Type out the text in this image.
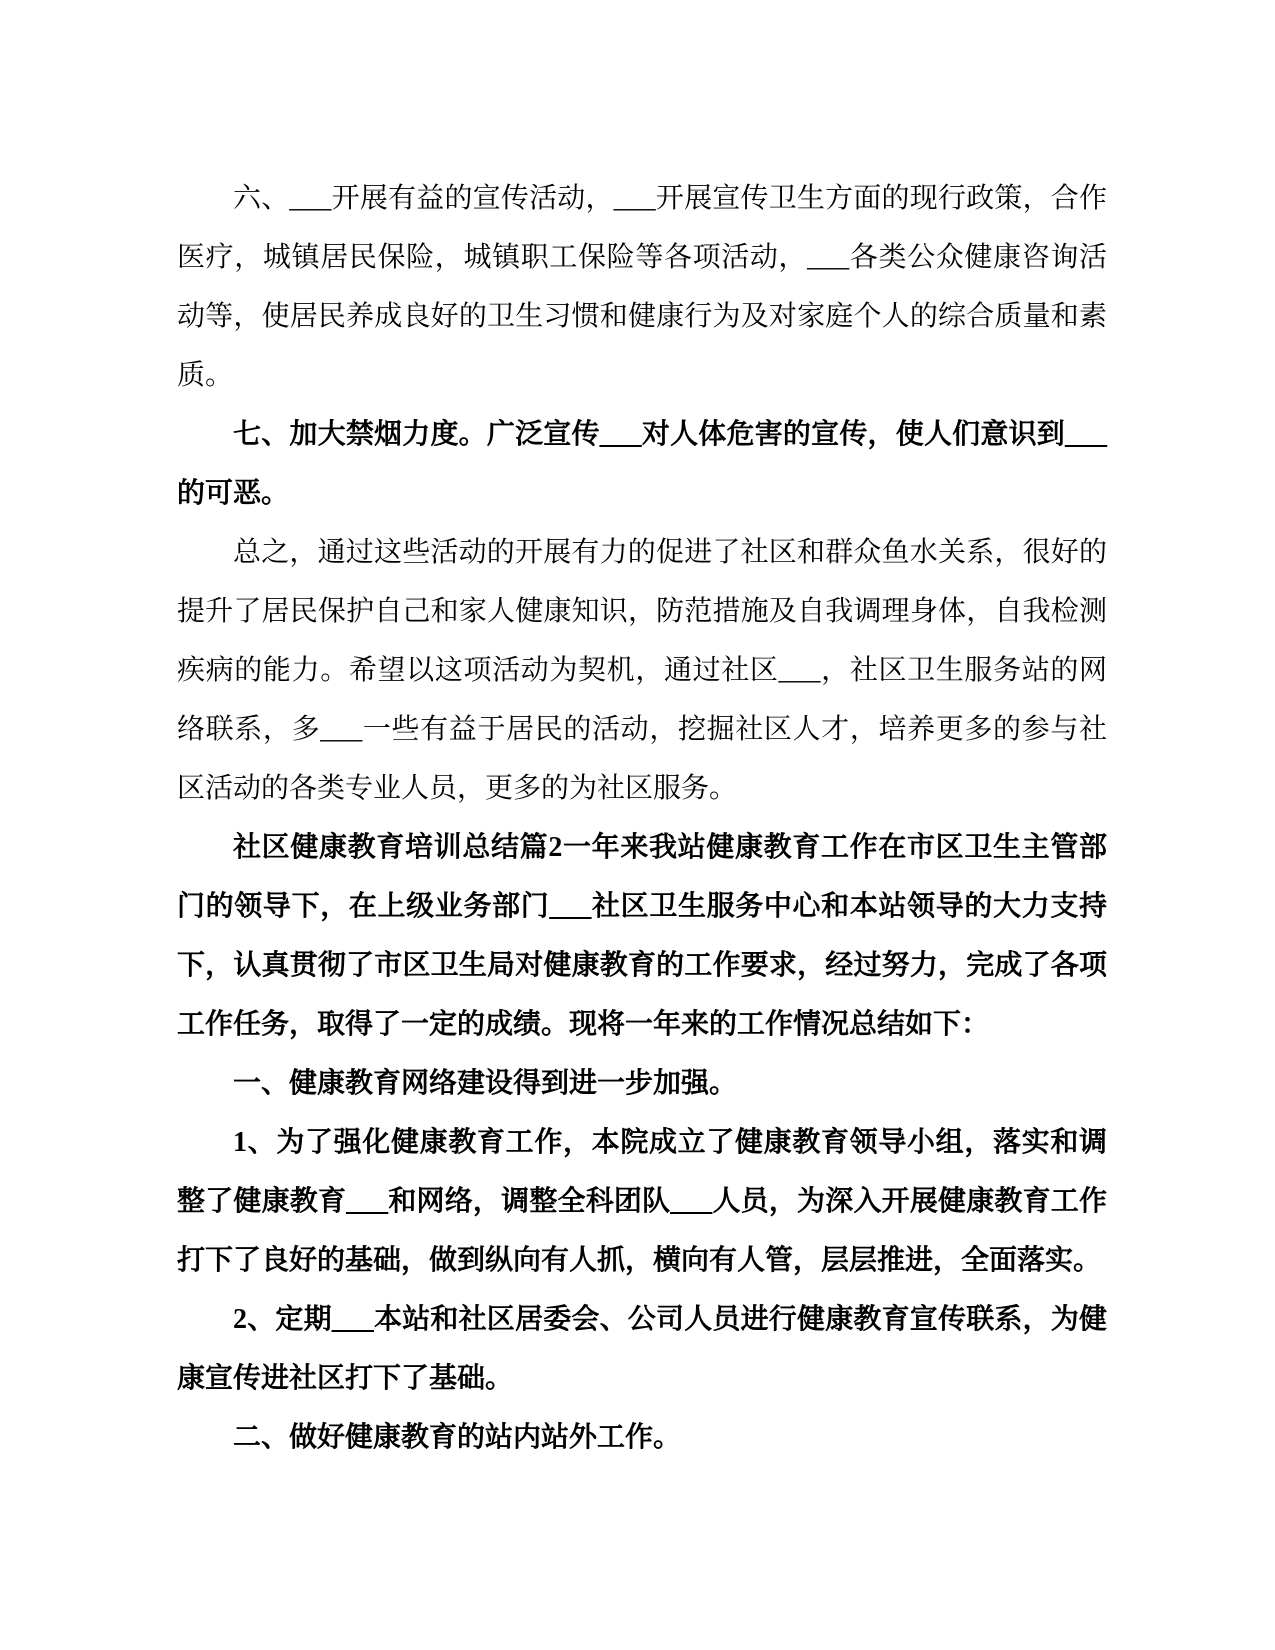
六、___开展有益的宣传活动，___开展宣传卫生方面的现行政策，合作医疗，城镇居民保险，城镇职工保险等各项活动，___各类公众健康咨询活动等，使居民养成良好的卫生习惯和健康行为及对家庭个人的综合质量和素质。

七、加大禁烟力度。广泛宣传___对人体危害的宣传，使人们意识到___的可恶。

总之，通过这些活动的开展有力的促进了社区和群众鱼水关系，很好的提升了居民保护自己和家人健康知识，防范措施及自我调理身体，自我检测疾病的能力。希望以这项活动为契机，通过社区___，社区卫生服务站的网络联系，多___一些有益于居民的活动，挖掘社区人才，培养更多的参与社区活动的各类专业人员，更多的为社区服务。

社区健康教育培训总结篇2一年来我站健康教育工作在市区卫生主管部门的领导下，在上级业务部门___社区卫生服务中心和本站领导的大力支持下，认真贯彻了市区卫生局对健康教育的工作要求，经过努力，完成了各项工作任务，取得了一定的成绩。现将一年来的工作情况总结如下：

一、健康教育网络建设得到进一步加强。

1、为了强化健康教育工作，本院成立了健康教育领导小组，落实和调整了健康教育___和网络，调整全科团队___人员，为深入开展健康教育工作打下了良好的基础，做到纵向有人抓，横向有人管，层层推进，全面落实。

2、定期___本站和社区居委会、公司人员进行健康教育宣传联系，为健康宣传进社区打下了基础。

二、做好健康教育的站内站外工作。
